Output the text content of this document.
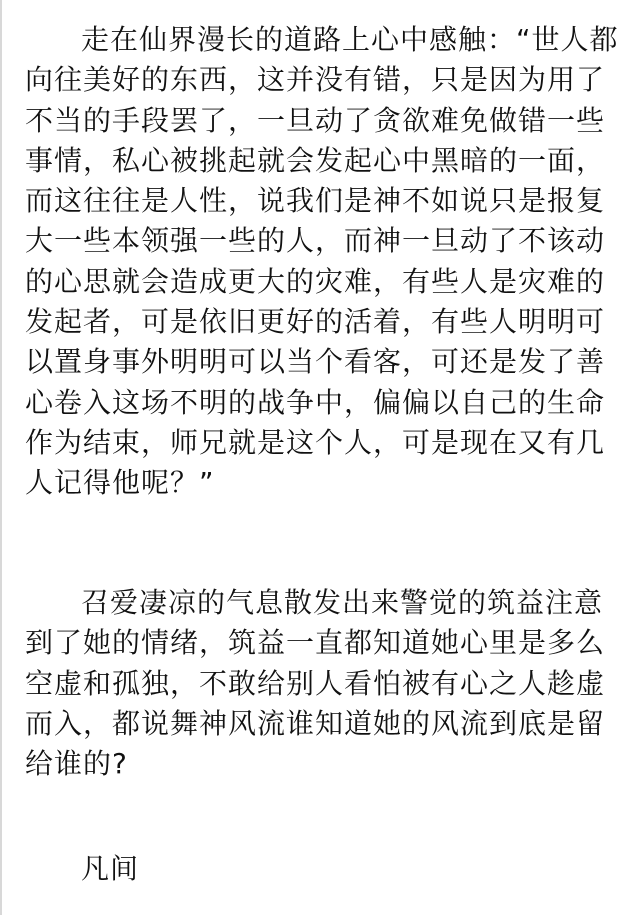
走在仙界漫长的道路上心中感触：“世人都向往美好的东西，这并没有错，只是因为用了不当的手段罢了，一旦动了贪欲难免做错一些事情，私心被挑起就会发起心中黑暗的一面，而这往往是人性，说我们是神不如说只是报复大一些本领强一些的人，而神一旦动了不该动的心思就会造成更大的灾难，有些人是灾难的发起者，可是依旧更好的活着，有些人明明可以置身事外明明可以当个看客，可还是发了善心卷入这场不明的战争中，偏偏以自己的生命作为结束，师兄就是这个人，可是现在又有几人记得他呢？”

召爱凄凉的气息散发出来警觉的筑益注意到了她的情绪，筑益一直都知道她心里是多么空虚和孤独，不敢给别人看怕被有心之人趁虚而入，都说舞神风流谁知道她的风流到底是留给谁的?

凡间
